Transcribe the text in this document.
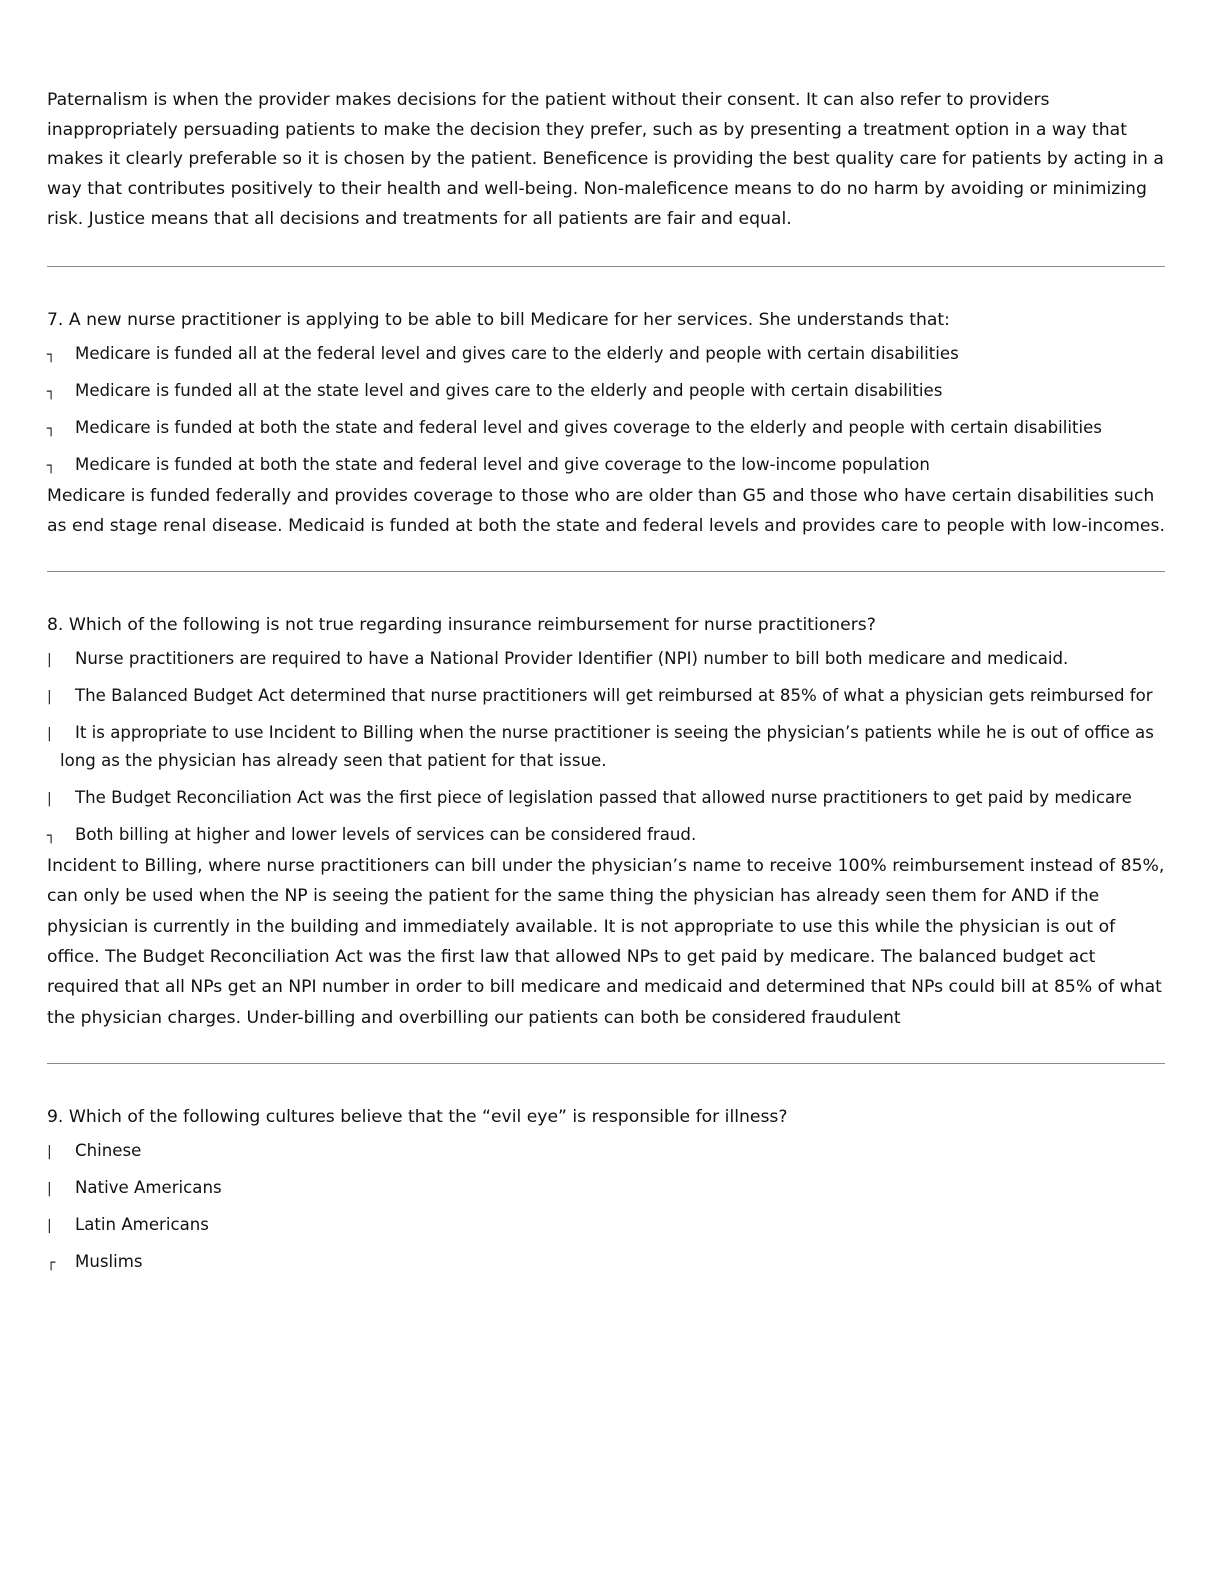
Paternalism is when the provider makes decisions for the patient without their consent. It can also refer to providers inappropriately persuading patients to make the decision they prefer, such as by presenting a treatment option in a way that makes it clearly preferable so it is chosen by the patient. Beneficence is providing the best quality care for patients by acting in a way that contributes positively to their health and well-being. Non-maleficence means to do no harm by avoiding or minimizing risk. Justice means that all decisions and treatments for all patients are fair and equal.

7. A new nurse practitioner is applying to be able to bill Medicare for her services. She understands that:

┐ Medicare is funded all at the federal level and gives care to the elderly and people with certain disabilities

┐ Medicare is funded all at the state level and gives care to the elderly and people with certain disabilities

┐ Medicare is funded at both the state and federal level and gives coverage to the elderly and people with certain disabilities

┐ Medicare is funded at both the state and federal level and give coverage to the low-income population

Medicare is funded federally and provides coverage to those who are older than G5 and those who have certain disabilities such as end stage renal disease. Medicaid is funded at both the state and federal levels and provides care to people with low-incomes.

8. Which of the following is not true regarding insurance reimbursement for nurse practitioners?

|	Nurse practitioners are required to have a National Provider Identifier (NPI) number to bill both medicare and medicaid.

|	The Balanced Budget Act determined that nurse practitioners will get reimbursed at 85% of what a physician gets reimbursed for

|	It is appropriate to use Incident to Billing when the nurse practitioner is seeing the physician’s patients while he is out of office as long as the physician has already seen that patient for that issue.

|	The Budget Reconciliation Act was the first piece of legislation passed that allowed nurse practitioners to get paid by medicare

┐ Both billing at higher and lower levels of services can be considered fraud.

Incident to Billing, where nurse practitioners can bill under the physician’s name to receive 100% reimbursement instead of 85%, can only be used when the NP is seeing the patient for the same thing the physician has already seen them for AND if the physician is currently in the building and immediately available. It is not appropriate to use this while the physician is out of office. The Budget Reconciliation Act was the first law that allowed NPs to get paid by medicare. The balanced budget act required that all NPs get an NPI number in order to bill medicare and medicaid and determined that NPs could bill at 85% of what the physician charges. Under-billing and overbilling our patients can both be considered fraudulent

9. Which of the following cultures believe that the “evil eye” is responsible for illness?

|	Chinese

|	Native Americans

|	Latin Americans

┌ Muslims
